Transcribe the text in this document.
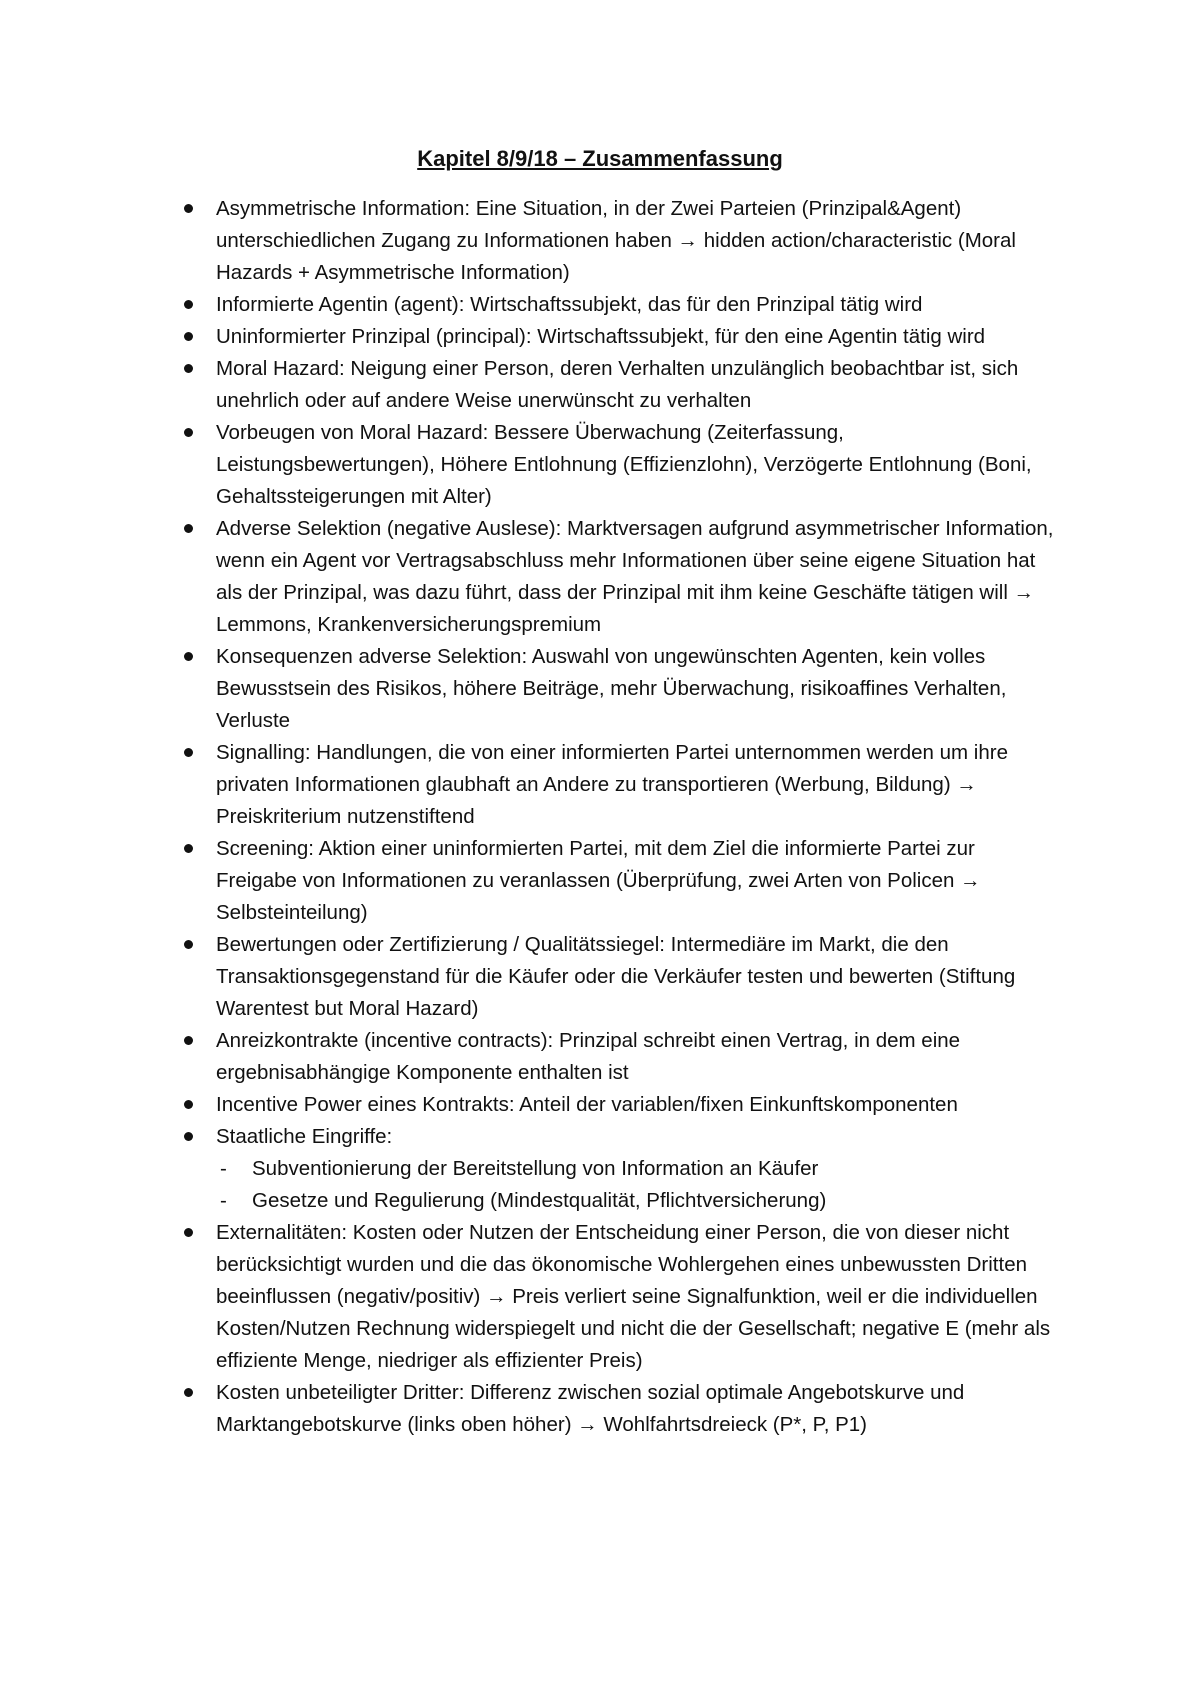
Kapitel 8/9/18 – Zusammenfassung
Asymmetrische Information: Eine Situation, in der Zwei Parteien (Prinzipal&Agent) unterschiedlichen Zugang zu Informationen haben → hidden action/characteristic (Moral Hazards + Asymmetrische Information)
Informierte Agentin (agent): Wirtschaftssubjekt, das für den Prinzipal tätig wird
Uninformierter Prinzipal (principal): Wirtschaftssubjekt, für den eine Agentin tätig wird
Moral Hazard: Neigung einer Person, deren Verhalten unzulänglich beobachtbar ist, sich unehrlich oder auf andere Weise unerwünscht zu verhalten
Vorbeugen von Moral Hazard: Bessere Überwachung (Zeiterfassung, Leistungsbewertungen), Höhere Entlohnung (Effizienzlohn), Verzögerte Entlohnung (Boni, Gehaltssteigerungen mit Alter)
Adverse Selektion (negative Auslese): Marktversagen aufgrund asymmetrischer Information, wenn ein Agent vor Vertragsabschluss mehr Informationen über seine eigene Situation hat als der Prinzipal, was dazu führt, dass der Prinzipal mit ihm keine Geschäfte tätigen will → Lemmons, Krankenversicherungspremium
Konsequenzen adverse Selektion: Auswahl von ungewünschten Agenten, kein volles Bewusstsein des Risikos, höhere Beiträge, mehr Überwachung, risikoaffines Verhalten, Verluste
Signalling: Handlungen, die von einer informierten Partei unternommen werden um ihre privaten Informationen glaubhaft an Andere zu transportieren (Werbung, Bildung) → Preiskriterium nutzenstiftend
Screening: Aktion einer uninformierten Partei, mit dem Ziel die informierte Partei zur Freigabe von Informationen zu veranlassen (Überprüfung, zwei Arten von Policen → Selbsteinteilung)
Bewertungen oder Zertifizierung / Qualitätssiegel: Intermediäre im Markt, die den Transaktionsgegenstand für die Käufer oder die Verkäufer testen und bewerten (Stiftung Warentest but Moral Hazard)
Anreizkontrakte (incentive contracts): Prinzipal schreibt einen Vertrag, in dem eine ergebnisabhängige Komponente enthalten ist
Incentive Power eines Kontrakts: Anteil der variablen/fixen Einkunftskomponenten
Staatliche Eingriffe:
- Subventionierung der Bereitstellung von Information an Käufer
- Gesetze und Regulierung (Mindestqualität, Pflichtversicherung)
Externalitäten: Kosten oder Nutzen der Entscheidung einer Person, die von dieser nicht berücksichtigt wurden und die das ökonomische Wohlergehen eines unbewussten Dritten beeinflussen (negativ/positiv) → Preis verliert seine Signalfunktion, weil er die individuellen Kosten/Nutzen Rechnung widerspiegelt und nicht die der Gesellschaft; negative E (mehr als effiziente Menge, niedriger als effizienter Preis)
Kosten unbeteiligter Dritter: Differenz zwischen sozial optimale Angebotskurve und Marktangebotskurve (links oben höher) → Wohlfahrtsdreieck (P*, P, P1)
